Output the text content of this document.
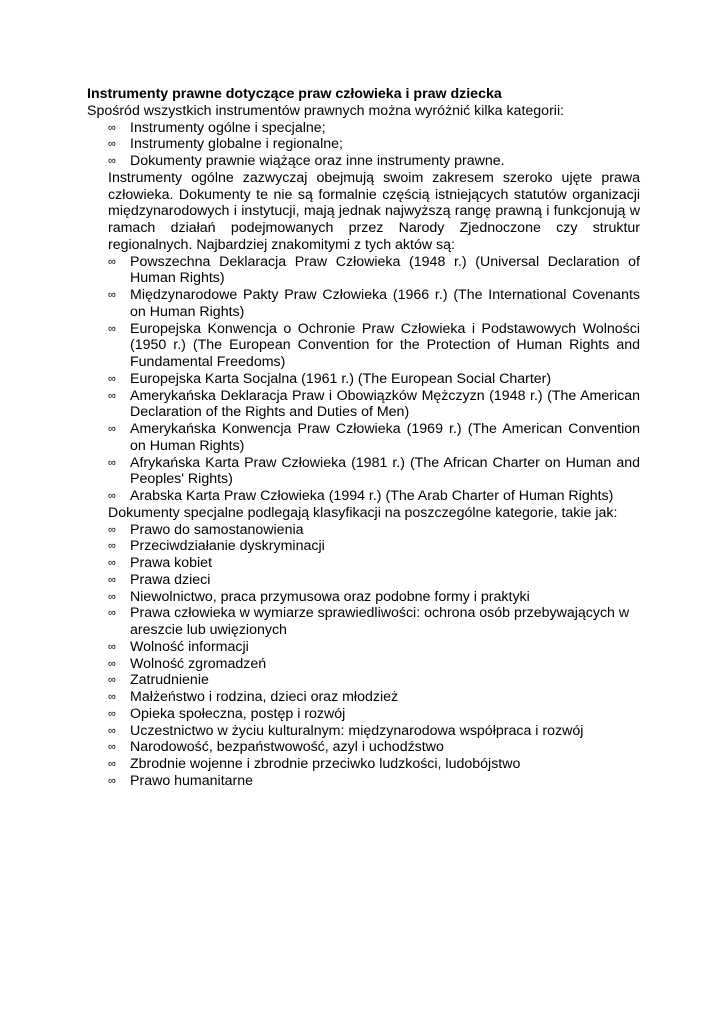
Instrumenty prawne dotyczące praw człowieka i praw dziecka

Spośród wszystkich instrumentów prawnych można wyróżnić kilka kategorii:

∞ Instrumenty ogólne i specjalne;
∞ Instrumenty globalne i regionalne;
∞ Dokumenty prawnie wiążące oraz inne instrumenty prawne.

Instrumenty ogólne zazwyczaj obejmują swoim zakresem szeroko ujęte prawa człowieka. Dokumenty te nie są formalnie częścią istniejących statutów organizacji międzynarodowych i instytucji, mają jednak najwyższą rangę prawną i funkcjonują w ramach działań podejmowanych przez Narody Zjednoczone czy struktur regionalnych. Najbardziej znakomitymi z tych aktów są:

∞ Powszechna Deklaracja Praw Człowieka (1948 r.) (Universal Declaration of Human Rights)
∞ Międzynarodowe Pakty Praw Człowieka (1966 r.) (The International Covenants on Human Rights)
∞ Europejska Konwencja o Ochronie Praw Człowieka i Podstawowych Wolności (1950 r.) (The European Convention for the Protection of Human Rights and Fundamental Freedoms)
∞ Europejska Karta Socjalna (1961 r.) (The European Social Charter)
∞ Amerykańska Deklaracja Praw i Obowiązków Mężczyzn (1948 r.) (The American Declaration of the Rights and Duties of Men)
∞ Amerykańska Konwencja Praw Człowieka (1969 r.) (The American Convention on Human Rights)
∞ Afrykańska Karta Praw Człowieka (1981 r.) (The African Charter on Human and Peoples' Rights)
∞ Arabska Karta Praw Człowieka (1994 r.) (The Arab Charter of Human Rights)

Dokumenty specjalne podlegają klasyfikacji na poszczególne kategorie, takie jak:

∞ Prawo do samostanowienia
∞ Przeciwdziałanie dyskryminacji
∞ Prawa kobiet
∞ Prawa dzieci
∞ Niewolnictwo, praca przymusowa oraz podobne formy i praktyki
∞ Prawa człowieka w wymiarze sprawiedliwości: ochrona osób przebywających w areszcie lub uwięzionych
∞ Wolność informacji
∞ Wolność zgromadzeń
∞ Zatrudnienie
∞ Małżeństwo i rodzina, dzieci oraz młodzież
∞ Opieka społeczna, postęp i rozwój
∞ Uczestnictwo w życiu kulturalnym: międzynarodowa współpraca i rozwój
∞ Narodowość, bezpaństwowość, azyl i uchodźstwo
∞ Zbrodnie wojenne i zbrodnie przeciwko ludzkości, ludobójstwo
∞ Prawo humanitarne
